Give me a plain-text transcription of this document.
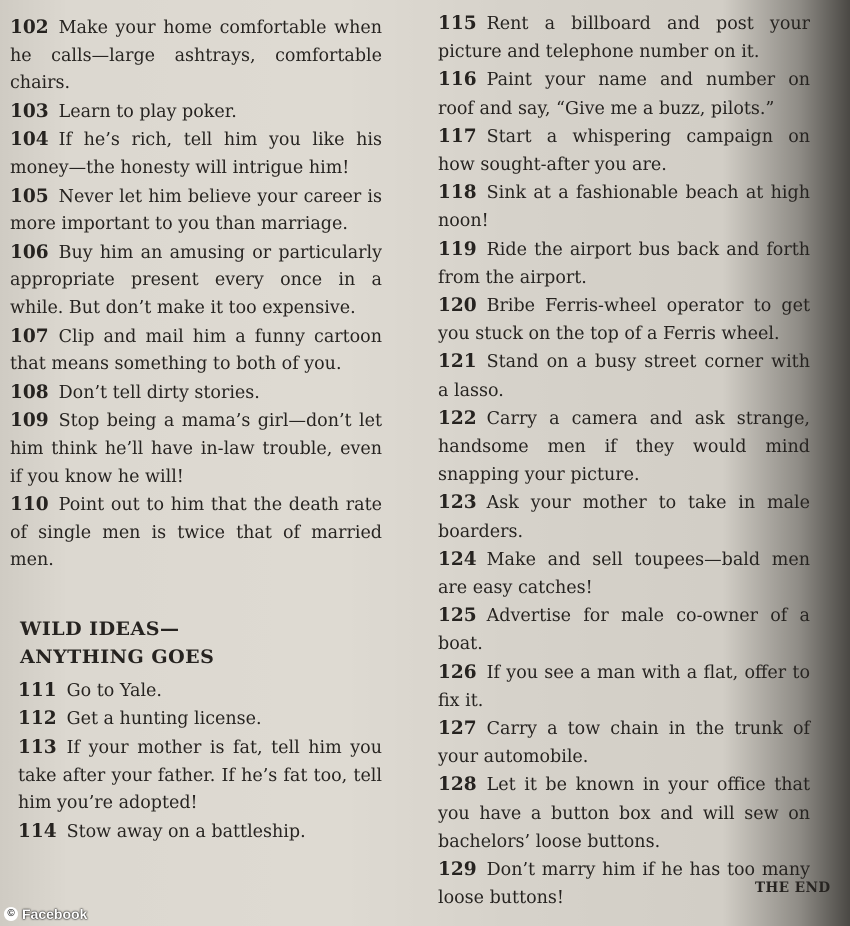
102 Make your home comfortable when he calls—large ashtrays, comfortable chairs.

103 Learn to play poker.

104 If he’s rich, tell him you like his money—the honesty will intrigue him!

105 Never let him believe your career is more important to you than marriage.

106 Buy him an amusing or particularly appropriate present every once in a while. But don’t make it too expensive.

107 Clip and mail him a funny cartoon that means something to both of you.

108 Don’t tell dirty stories.

109 Stop being a mama’s girl—don’t let him think he’ll have in-law trouble, even if you know he will!

110 Point out to him that the death rate of single men is twice that of married men.

WILD IDEAS—
ANYTHING GOES

111 Go to Yale.

112 Get a hunting license.

113 If your mother is fat, tell him you take after your father. If he’s fat too, tell him you’re adopted!

114 Stow away on a battleship.

115 Rent a billboard and post your picture and telephone number on it.

116 Paint your name and number on roof and say, “Give me a buzz, pilots.”

117 Start a whispering campaign on how sought-after you are.

118 Sink at a fashionable beach at high noon!

119 Ride the airport bus back and forth from the airport.

120 Bribe Ferris-wheel operator to get you stuck on the top of a Ferris wheel.

121 Stand on a busy street corner with a lasso.

122 Carry a camera and ask strange, handsome men if they would mind snapping your picture.

123 Ask your mother to take in male boarders.

124 Make and sell toupees—bald men are easy catches!

125 Advertise for male co-owner of a boat.

126 If you see a man with a flat, offer to fix it.

127 Carry a tow chain in the trunk of your automobile.

128 Let it be known in your office that you have a button box and will sew on bachelors’ loose buttons.

129 Don’t marry him if he has too many loose buttons!

THE END
© Facebook
